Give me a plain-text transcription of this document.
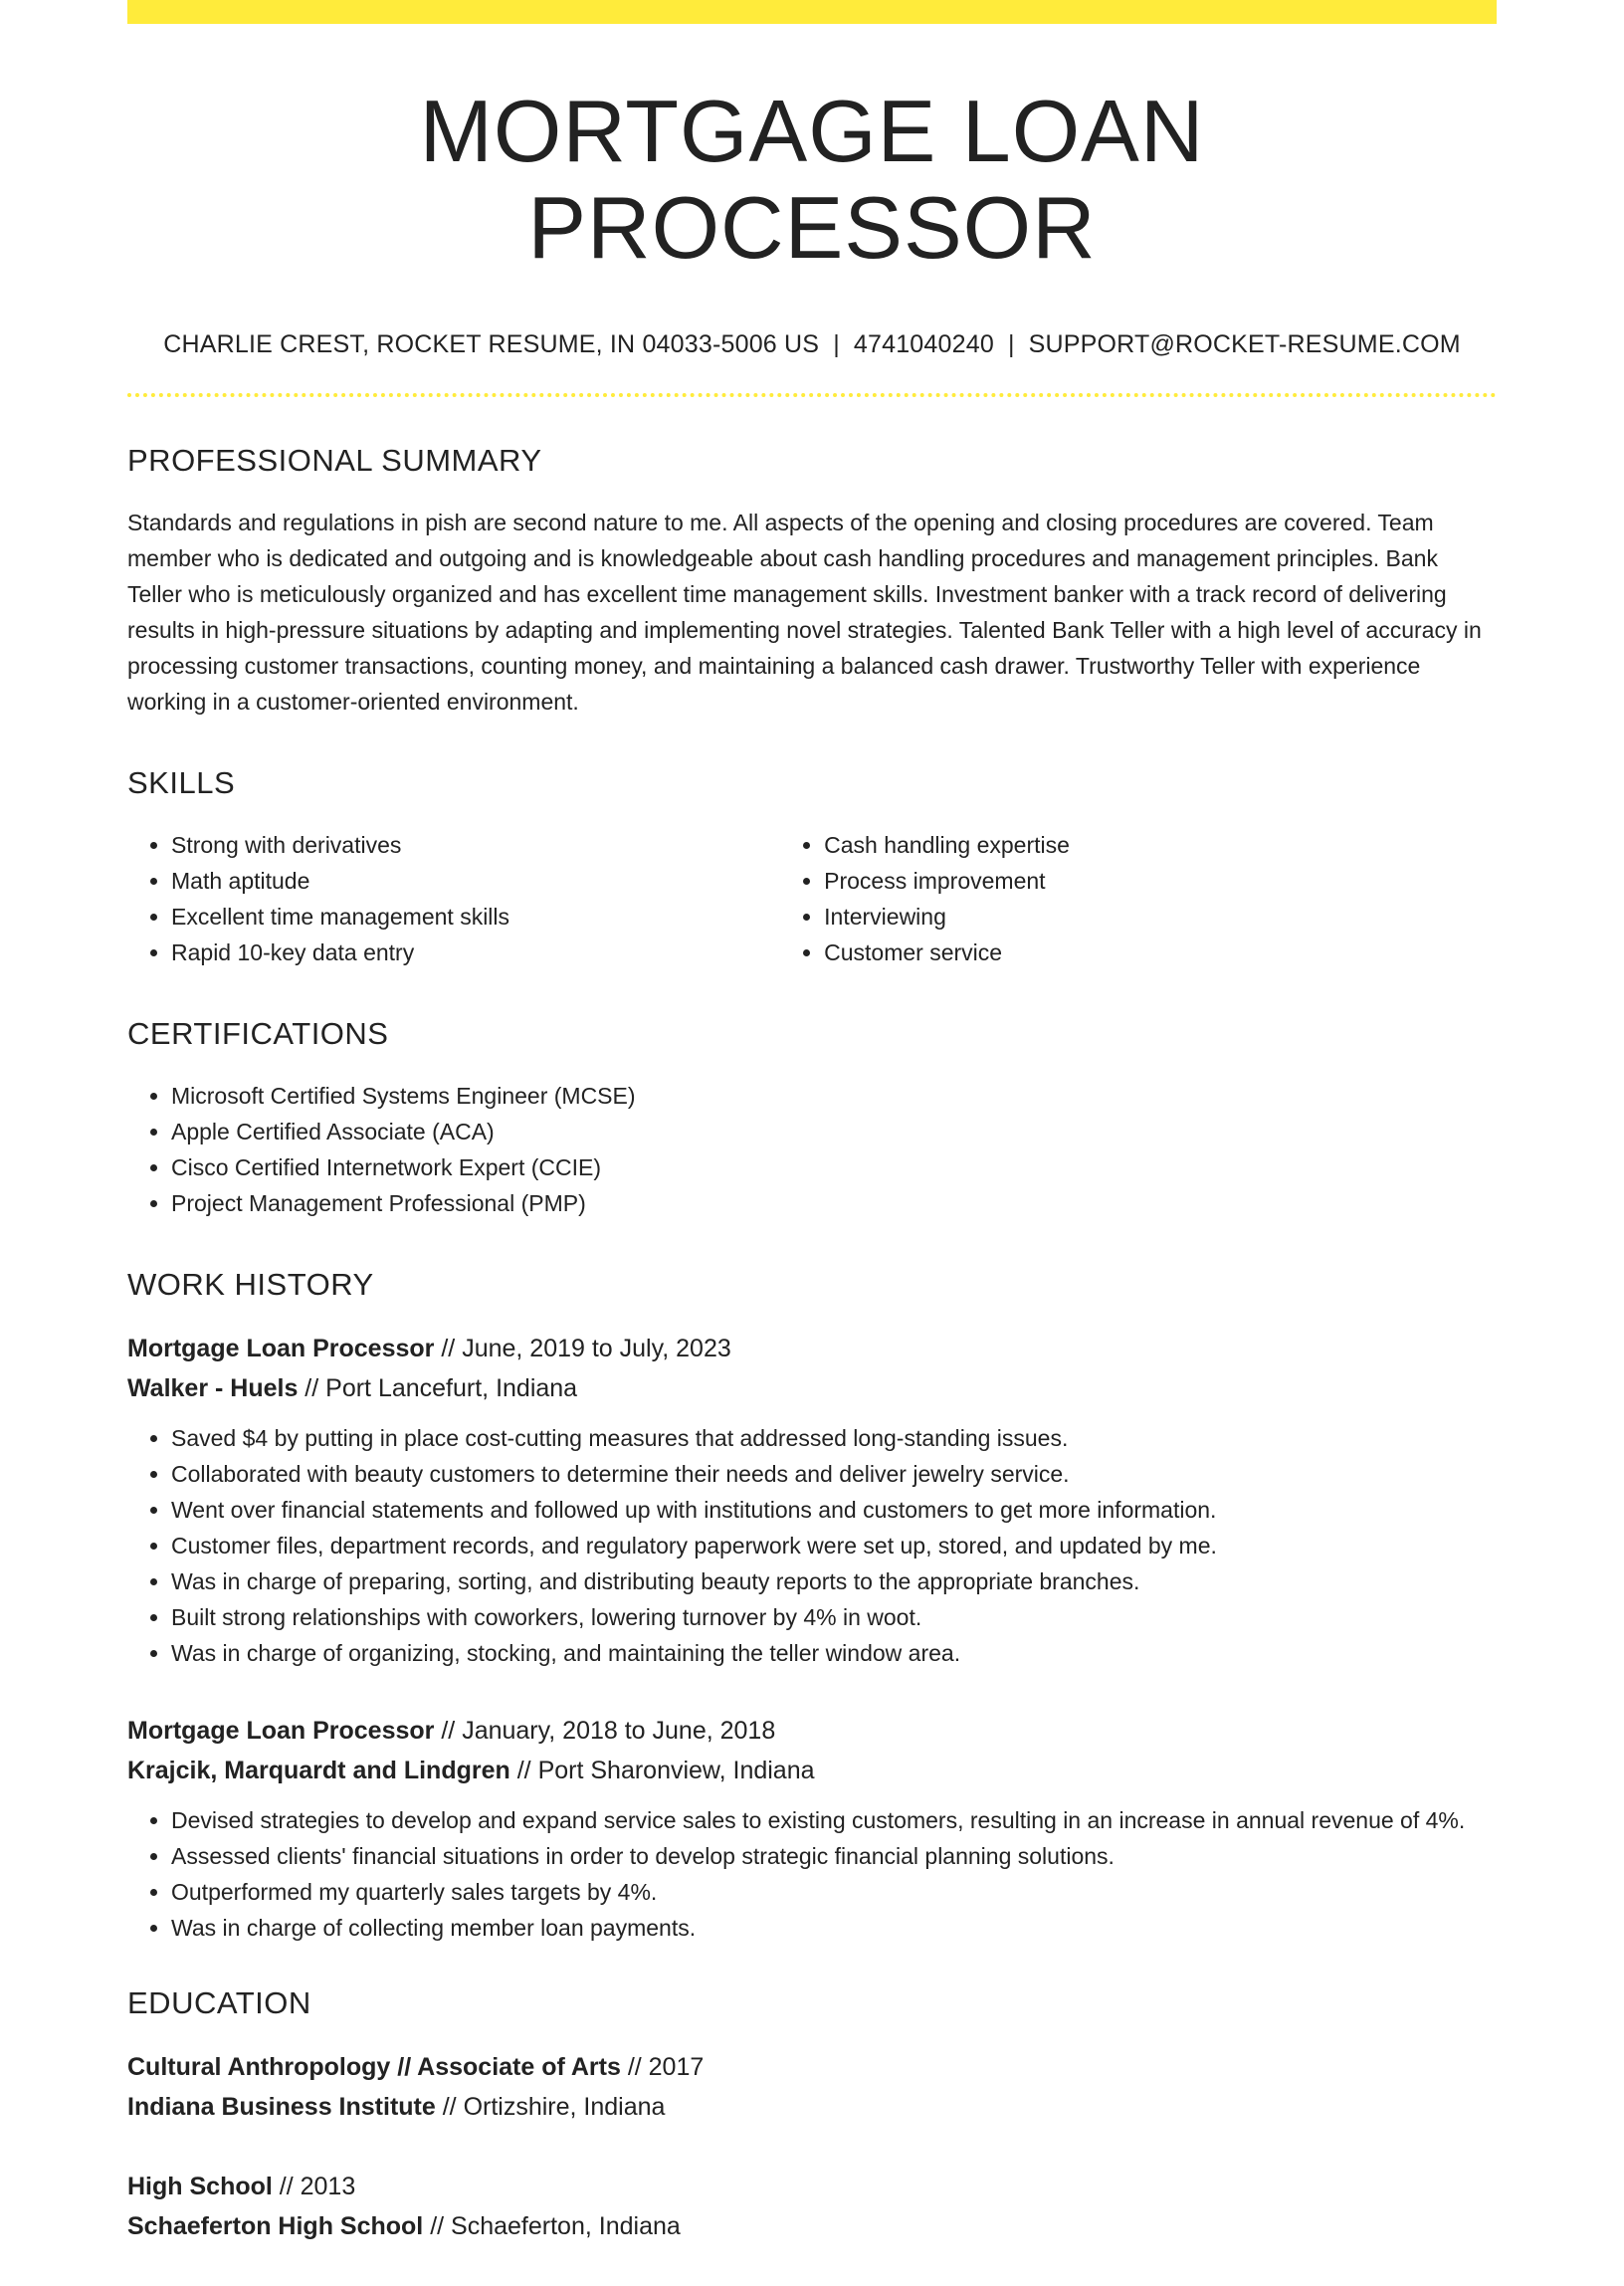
MORTGAGE LOAN PROCESSOR
CHARLIE CREST, ROCKET RESUME, IN 04033-5006 US | 4741040240 | SUPPORT@ROCKET-RESUME.COM
PROFESSIONAL SUMMARY

Standards and regulations in pish are second nature to me. All aspects of the opening and closing procedures are covered. Team member who is dedicated and outgoing and is knowledgeable about cash handling procedures and management principles. Bank Teller who is meticulously organized and has excellent time management skills. Investment banker with a track record of delivering results in high-pressure situations by adapting and implementing novel strategies. Talented Bank Teller with a high level of accuracy in processing customer transactions, counting money, and maintaining a balanced cash drawer. Trustworthy Teller with experience working in a customer-oriented environment.

SKILLS
• Strong with derivatives
• Math aptitude
• Excellent time management skills
• Rapid 10-key data entry
• Cash handling expertise
• Process improvement
• Interviewing
• Customer service
CERTIFICATIONS
• Microsoft Certified Systems Engineer (MCSE)
• Apple Certified Associate (ACA)
• Cisco Certified Internetwork Expert (CCIE)
• Project Management Professional (PMP)
WORK HISTORY
Mortgage Loan Processor // June, 2019 to July, 2023
Walker - Huels // Port Lancefurt, Indiana
• Saved $4 by putting in place cost-cutting measures that addressed long-standing issues.
• Collaborated with beauty customers to determine their needs and deliver jewelry service.
• Went over financial statements and followed up with institutions and customers to get more information.
• Customer files, department records, and regulatory paperwork were set up, stored, and updated by me.
• Was in charge of preparing, sorting, and distributing beauty reports to the appropriate branches.
• Built strong relationships with coworkers, lowering turnover by 4% in woot.
• Was in charge of organizing, stocking, and maintaining the teller window area.
Mortgage Loan Processor // January, 2018 to June, 2018
Krajcik, Marquardt and Lindgren // Port Sharonview, Indiana
• Devised strategies to develop and expand service sales to existing customers, resulting in an increase in annual revenue of 4%.
• Assessed clients' financial situations in order to develop strategic financial planning solutions.
• Outperformed my quarterly sales targets by 4%.
• Was in charge of collecting member loan payments.
EDUCATION
Cultural Anthropology // Associate of Arts // 2017
Indiana Business Institute // Ortizshire, Indiana
High School // 2013
Schaeferton High School // Schaeferton, Indiana
